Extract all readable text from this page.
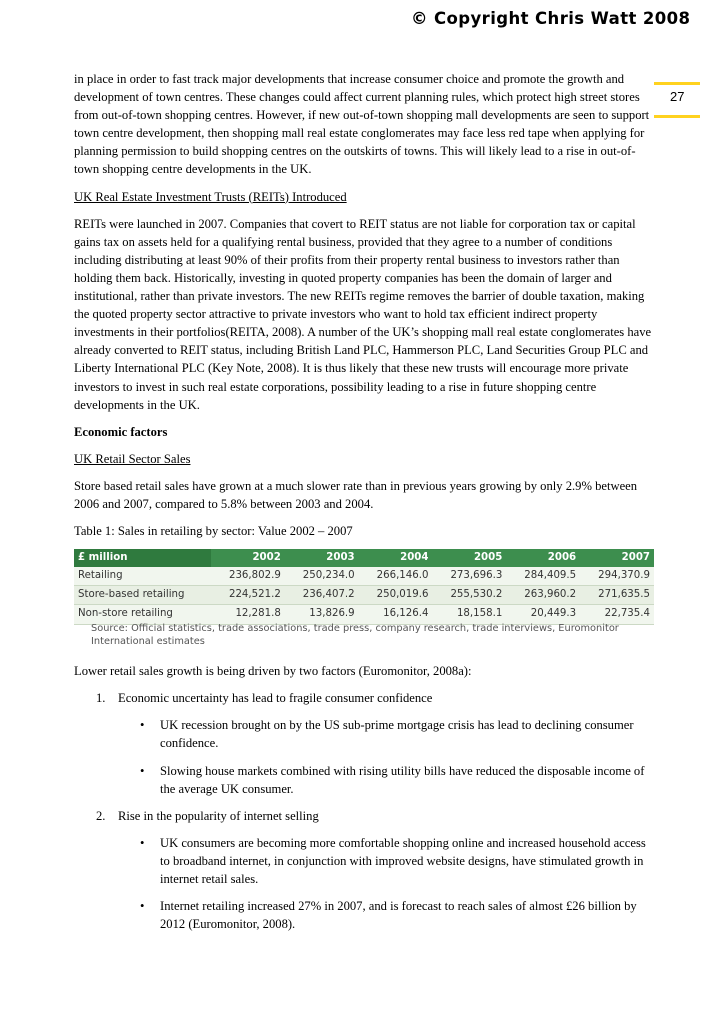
© Copyright Chris Watt 2008
27

in place in order to fast track major developments that increase consumer choice and promote the growth and development of town centres. These changes could affect current planning rules, which protect high street stores from out-of-town shopping centres. However, if new out-of-town shopping mall developments are seen to support town centre development, then shopping mall real estate conglomerates may face less red tape when applying for planning permission to build shopping centres on the outskirts of towns. This will likely lead to a rise in out-of-town shopping centre developments in the UK.

UK Real Estate Investment Trusts (REITs) Introduced

REITs were launched in 2007. Companies that covert to REIT status are not liable for corporation tax or capital gains tax on assets held for a qualifying rental business, provided that they agree to a number of conditions including distributing at least 90% of their profits from their property rental business to investors rather than holding them back. Historically, investing in quoted property companies has been the domain of larger and institutional, rather than private investors. The new REITs regime removes the barrier of double taxation, making the quoted property sector attractive to private investors who want to hold tax efficient indirect property investments in their portfolios(REITA, 2008). A number of the UK’s shopping mall real estate conglomerates have already converted to REIT status, including British Land PLC, Hammerson PLC, Land Securities Group PLC and Liberty International PLC (Key Note, 2008). It is thus likely that these new trusts will encourage more private investors to invest in such real estate corporations, possibility leading to a rise in future shopping centre developments in the UK.

Economic factors

UK Retail Sector Sales

Store based retail sales have grown at a much slower rate than in previous years growing by only 2.9% between 2006 and 2007, compared to 5.8% between 2003 and 2004.

Table 1: Sales in retailing by sector: Value 2002 – 2007

£ million	2002	2003	2004	2005	2006	2007
Retailing	236,802.9	250,234.0	266,146.0	273,696.3	284,409.5	294,370.9
Store-based retailing	224,521.2	236,407.2	250,019.6	255,530.2	263,960.2	271,635.5
Non-store retailing	12,281.8	13,826.9	16,126.4	18,158.1	20,449.3	22,735.4
Source: Official statistics, trade associations, trade press, company research, trade interviews, Euromonitor International estimates

Lower retail sales growth is being driven by two factors (Euromonitor, 2008a):

1. Economic uncertainty has lead to fragile consumer confidence
• UK recession brought on by the US sub-prime mortgage crisis has lead to declining consumer confidence.
• Slowing house markets combined with rising utility bills have reduced the disposable income of the average UK consumer.
2. Rise in the popularity of internet selling
• UK consumers are becoming more comfortable shopping online and increased household access to broadband internet, in conjunction with improved website designs, have stimulated growth in internet retail sales.
• Internet retailing increased 27% in 2007, and is forecast to reach sales of almost £26 billion by 2012 (Euromonitor, 2008).
